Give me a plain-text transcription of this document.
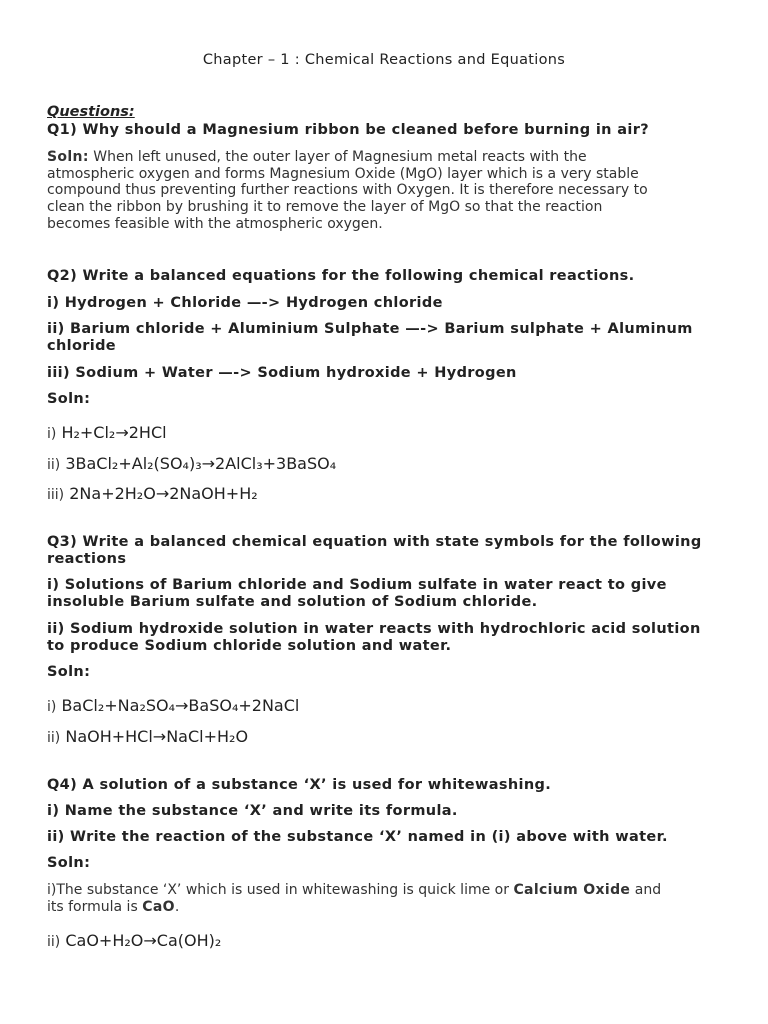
Chapter – 1 : Chemical Reactions and Equations
Questions:
Q1) Why should a Magnesium ribbon be cleaned before burning in air?
Soln: When left unused, the outer layer of Magnesium metal reacts with the
atmospheric oxygen and forms Magnesium Oxide (MgO) layer which is a very stable
compound thus preventing further reactions with Oxygen. It is therefore necessary to
clean the ribbon by brushing it to remove the layer of MgO so that the reaction
becomes feasible with the atmospheric oxygen.
Q2) Write a balanced equations for the following chemical reactions.
i) Hydrogen + Chloride —-> Hydrogen chloride
ii) Barium chloride + Aluminium Sulphate —-> Barium sulphate + Aluminum
chloride
iii) Sodium + Water —-> Sodium hydroxide + Hydrogen
Soln:
i) H₂+Cl₂→2HCl
ii) 3BaCl₂+Al₂(SO₄)₃→2AlCl₃+3BaSO₄
iii) 2Na+2H₂O→2NaOH+H₂
Q3) Write a balanced chemical equation with state symbols for the following
reactions
i) Solutions of Barium chloride and Sodium sulfate in water react to give
insoluble Barium sulfate and solution of Sodium chloride.
ii) Sodium hydroxide solution in water reacts with hydrochloric acid solution
to produce Sodium chloride solution and water.
Soln:
i) BaCl₂+Na₂SO₄→BaSO₄+2NaCl
ii) NaOH+HCl→NaCl+H₂O
Q4) A solution of a substance ‘X’ is used for whitewashing.
i) Name the substance ‘X’ and write its formula.
ii) Write the reaction of the substance ‘X’ named in (i) above with water.
Soln:
i)The substance ‘X’ which is used in whitewashing is quick lime or Calcium Oxide and
its formula is CaO.
ii) CaO+H₂O→Ca(OH)₂
